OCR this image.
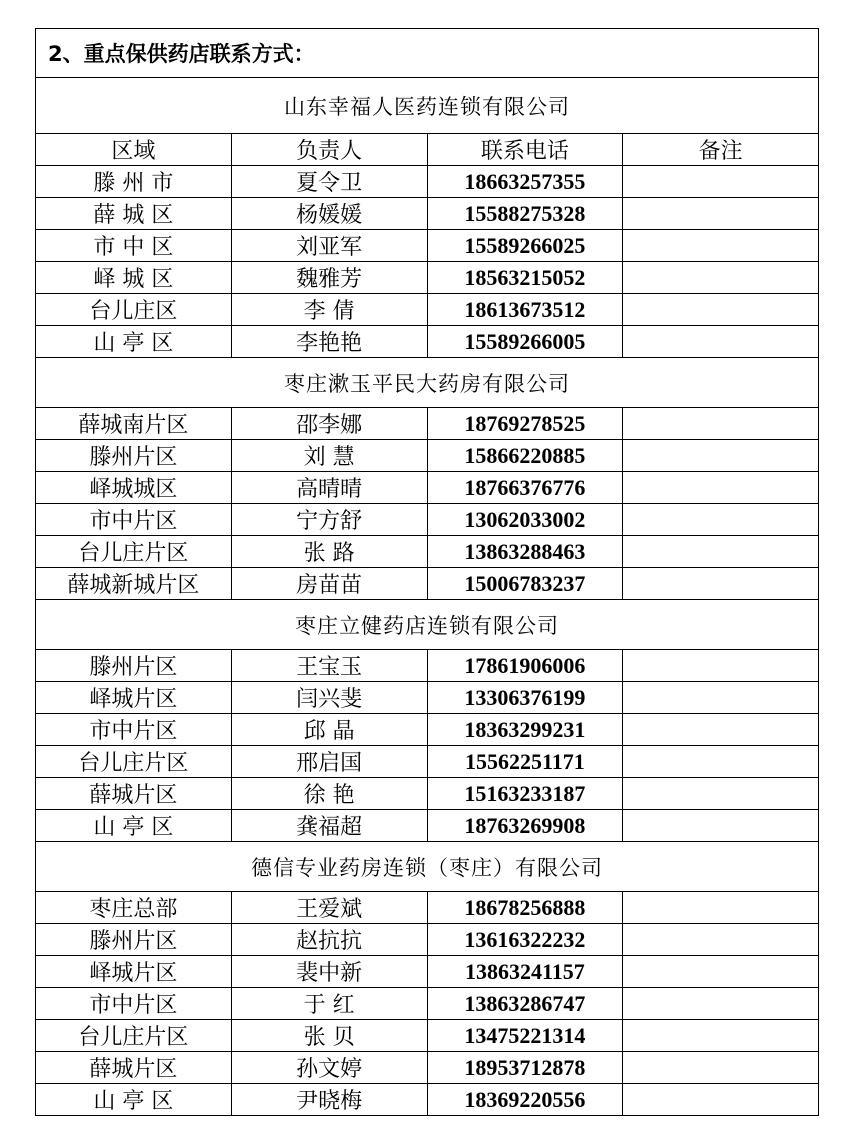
2、重点保供药店联系方式：			
山东幸福人医药连锁有限公司			
区域	负责人	联系电话	备注
滕 州 市	夏令卫	18663257355	
薛 城 区	杨媛媛	15588275328	
市 中 区	刘亚军	15589266025	
峄 城 区	魏雅芳	18563215052	
台儿庄区	李 倩	18613673512	
山 亭 区	李艳艳	15589266005	
枣庄漱玉平民大药房有限公司			
薛城南片区	邵李娜	18769278525	
滕州片区	刘 慧	15866220885	
峄城城区	高晴晴	18766376776	
市中片区	宁方舒	13062033002	
台儿庄片区	张 路	13863288463	
薛城新城片区	房苗苗	15006783237	
枣庄立健药店连锁有限公司			
滕州片区	王宝玉	17861906006	
峄城片区	闫兴斐	13306376199	
市中片区	邱 晶	18363299231	
台儿庄片区	邢启国	15562251171	
薛城片区	徐 艳	15163233187	
山 亭 区	龚福超	18763269908	
德信专业药房连锁（枣庄）有限公司			
枣庄总部	王爱斌	18678256888	
滕州片区	赵抗抗	13616322232	
峄城片区	裴中新	13863241157	
市中片区	于 红	13863286747	
台儿庄片区	张 贝	13475221314	
薛城片区	孙文婷	18953712878	
山 亭 区	尹晓梅	18369220556	
